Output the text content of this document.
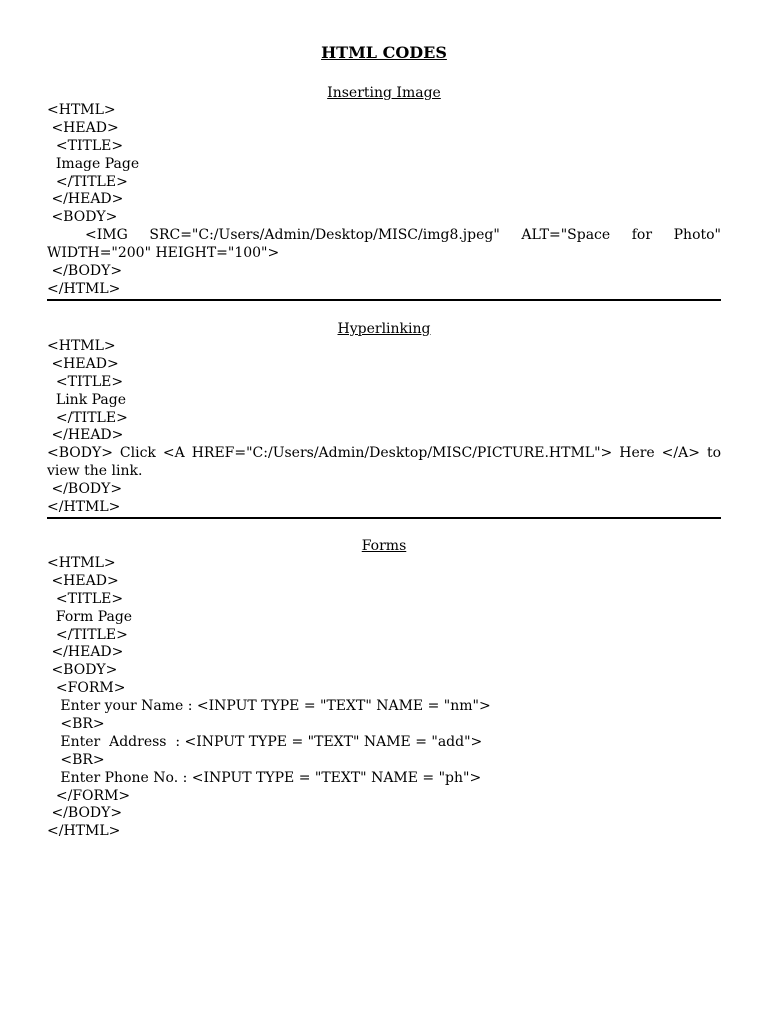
HTML CODES
Inserting Image
<HTML>
<HEAD>
<TITLE>
Image Page
</TITLE>
</HEAD>
<BODY>
<IMG SRC="C:/Users/Admin/Desktop/MISC/img8.jpeg" ALT="Space for Photo"
WIDTH="200" HEIGHT="100">
</BODY>
</HTML>
Hyperlinking
<HTML>
<HEAD>
<TITLE>
Link Page
</TITLE>
</HEAD>
<BODY> Click <A HREF="C:/Users/Admin/Desktop/MISC/PICTURE.HTML"> Here </A> to view the link.
</BODY>
</HTML>
Forms
<HTML>
<HEAD>
<TITLE>
Form Page
</TITLE>
</HEAD>
<BODY>
<FORM>
Enter your Name : <INPUT TYPE = "TEXT" NAME = "nm">
<BR>
Enter  Address  : <INPUT TYPE = "TEXT" NAME = "add">
<BR>
Enter Phone No. : <INPUT TYPE = "TEXT" NAME = "ph">
</FORM>
</BODY>
</HTML>
